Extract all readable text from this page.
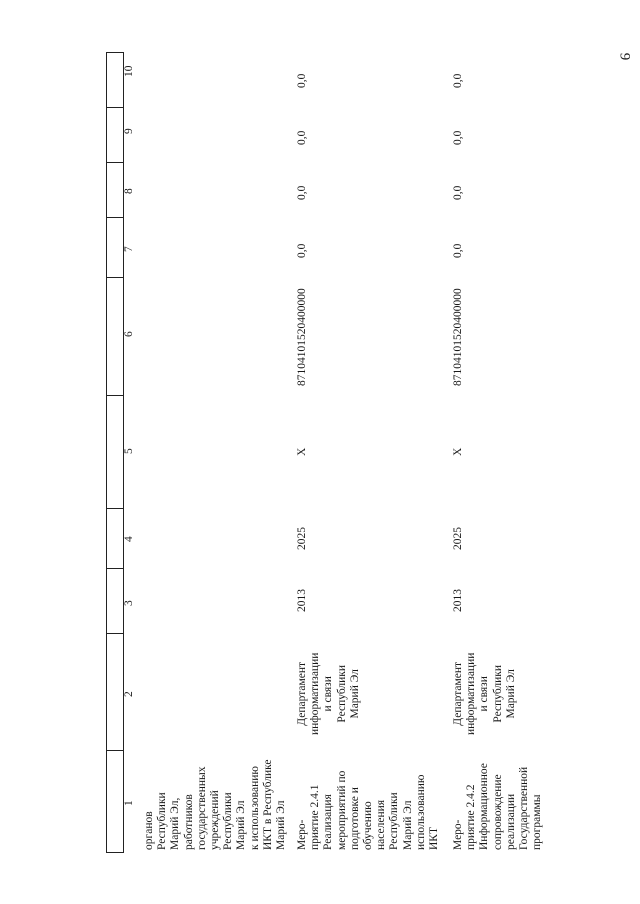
9
10
9
8
7
6
5
4
3
2
1
органов
Республики
Марий Эл,
работников
государственных
учреждений
Республики
Марий Эл
к использованию
ИКТ в Республике
Марий Эл
Меро-
приятие 2.4.1
Реализация
мероприятий по
подготовке и
обучению
населения
Республики
Марий Эл
использованию
ИКТ
Департамент
информатизации
и связи
Республики
Марий Эл
2013
2025
Х
87104101520400000
0,0
0,0
0,0
0,0
Меро-
приятие 2.4.2
Информационное
сопровождение
реализации
Государственной
программы
Департамент
информатизации
и связи
Республики
Марий Эл
2013
2025
Х
87104101520400000
0,0
0,0
0,0
0,0
